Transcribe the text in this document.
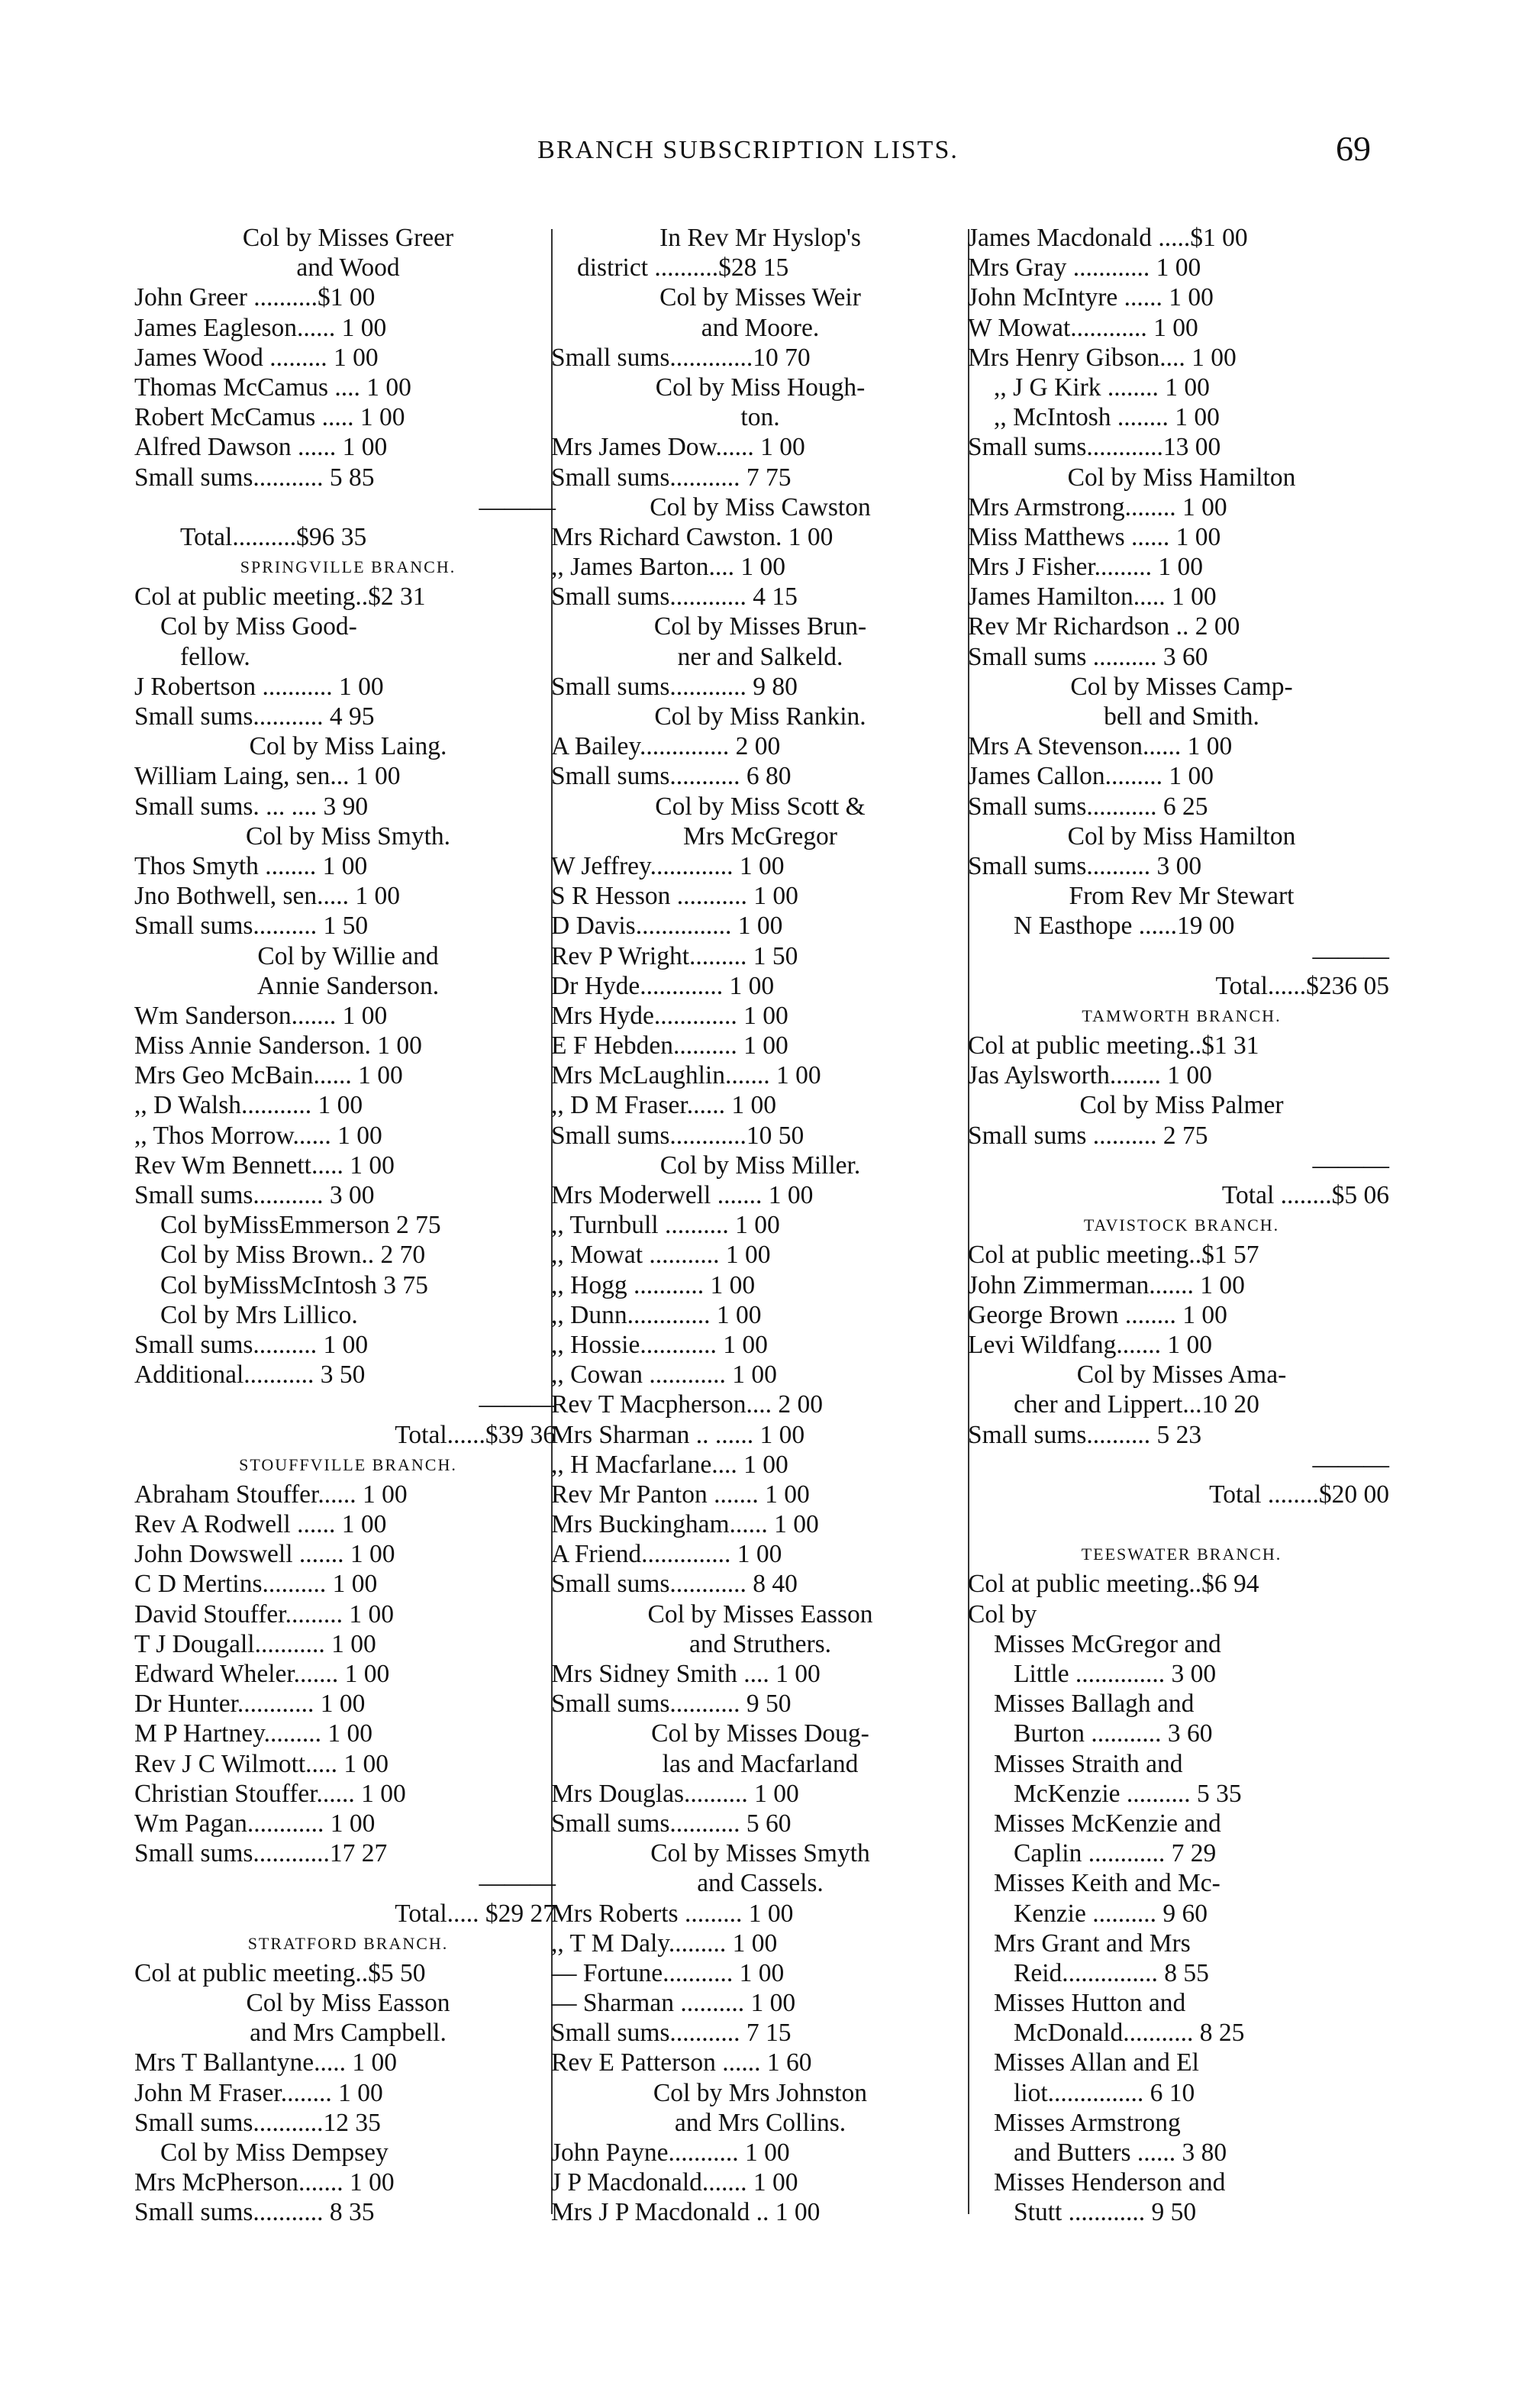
BRANCH SUBSCRIPTION LISTS.	69
Col by Misses Greer
and Wood
John Greer ..........$1 00
James Eagleson...... 1 00
James Wood ......... 1 00
Thomas McCamus .... 1 00
Robert McCamus ..... 1 00
Alfred Dawson ...... 1 00
Small sums........... 5 85
———
Total..........$96 35
SPRINGVILLE BRANCH.
Col at public meeting..$2 31
Col by Miss Good-
fellow.
J Robertson ........... 1 00
Small sums........... 4 95
Col by Miss Laing.
William Laing, sen... 1 00
Small sums. ... .... 3 90
Col by Miss Smyth.
Thos Smyth ........ 1 00
Jno Bothwell, sen..... 1 00
Small sums.......... 1 50
Col by Willie and
Annie Sanderson.
Wm Sanderson....... 1 00
Miss Annie Sanderson. 1 00
Mrs Geo McBain...... 1 00
,, D Walsh........... 1 00
,, Thos Morrow...... 1 00
Rev Wm Bennett..... 1 00
Small sums........... 3 00
Col byMissEmmerson 2 75
Col by Miss Brown.. 2 70
Col byMissMcIntosh 3 75
Col by Mrs Lillico.
Small sums.......... 1 00
Additional........... 3 50
———
Total......$39 36
STOUFFVILLE BRANCH.
Abraham Stouffer...... 1 00
Rev A Rodwell ...... 1 00
John Dowswell ....... 1 00
C D Mertins.......... 1 00
David Stouffer......... 1 00
T J Dougall........... 1 00
Edward Wheler....... 1 00
Dr Hunter............ 1 00
M P Hartney......... 1 00
Rev J C Wilmott..... 1 00
Christian Stouffer...... 1 00
Wm Pagan............ 1 00
Small sums............17 27
———
Total..... $29 27
STRATFORD BRANCH.
Col at public meeting..$5 50
Col by Miss Easson
and Mrs Campbell.
Mrs T Ballantyne..... 1 00
John M Fraser........ 1 00
Small sums...........12 35
Col by Miss Dempsey
Mrs McPherson....... 1 00
Small sums........... 8 35
In Rev Mr Hyslop's
district ..........$28 15
Col by Misses Weir
and Moore.
Small sums.............10 70
Col by Miss Hough-
ton.
Mrs James Dow...... 1 00
Small sums........... 7 75
Col by Miss Cawston
Mrs Richard Cawston. 1 00
,, James Barton.... 1 00
Small sums............ 4 15
Col by Misses Brun-
ner and Salkeld.
Small sums............ 9 80
Col by Miss Rankin.
A Bailey.............. 2 00
Small sums........... 6 80
Col by Miss Scott &
Mrs McGregor
W Jeffrey............. 1 00
S R Hesson ........... 1 00
D Davis............... 1 00
Rev P Wright......... 1 50
Dr Hyde............. 1 00
Mrs Hyde............. 1 00
E F Hebden.......... 1 00
Mrs McLaughlin....... 1 00
,, D M Fraser...... 1 00
Small sums............10 50
Col by Miss Miller.
Mrs Moderwell ....... 1 00
,, Turnbull .......... 1 00
,, Mowat ........... 1 00
,, Hogg ........... 1 00
,, Dunn............. 1 00
,, Hossie............ 1 00
,, Cowan ............ 1 00
Rev T Macpherson.... 2 00
Mrs Sharman .. ...... 1 00
,, H Macfarlane.... 1 00
Rev Mr Panton ....... 1 00
Mrs Buckingham...... 1 00
A Friend.............. 1 00
Small sums............ 8 40
Col by Misses Easson
and Struthers.
Mrs Sidney Smith .... 1 00
Small sums........... 9 50
Col by Misses Doug-
las and Macfarland
Mrs Douglas.......... 1 00
Small sums........... 5 60
Col by Misses Smyth
and Cassels.
Mrs Roberts ......... 1 00
,, T M Daly......... 1 00
— Fortune........... 1 00
— Sharman .......... 1 00
Small sums........... 7 15
Rev E Patterson ...... 1 60
Col by Mrs Johnston
and Mrs Collins.
John Payne........... 1 00
J P Macdonald....... 1 00
Mrs J P Macdonald .. 1 00
James Macdonald .....$1 00
Mrs Gray ............ 1 00
John McIntyre ...... 1 00
W Mowat............ 1 00
Mrs Henry Gibson.... 1 00
,, J G Kirk ........ 1 00
,, McIntosh ........ 1 00
Small sums............13 00
Col by Miss Hamilton
Mrs Armstrong........ 1 00
Miss Matthews ...... 1 00
Mrs J Fisher......... 1 00
James Hamilton..... 1 00
Rev Mr Richardson .. 2 00
Small sums .......... 3 60
Col by Misses Camp-
bell and Smith.
Mrs A Stevenson...... 1 00
James Callon......... 1 00
Small sums........... 6 25
Col by Miss Hamilton
Small sums.......... 3 00
From Rev Mr Stewart
N Easthope ......19 00
———
Total......$236 05
TAMWORTH BRANCH.
Col at public meeting..$1 31
Jas Aylsworth........ 1 00
Col by Miss Palmer
Small sums .......... 2 75
———
Total ........$5 06
TAVISTOCK BRANCH.
Col at public meeting..$1 57
John Zimmerman....... 1 00
George Brown ........ 1 00
Levi Wildfang....... 1 00
Col by Misses Ama-
cher and Lippert...10 20
Small sums.......... 5 23
———
Total ........$20 00
TEESWATER BRANCH.
Col at public meeting..$6 94
Col by
Misses McGregor and
Little .............. 3 00
Misses Ballagh and
Burton ........... 3 60
Misses Straith and
McKenzie .......... 5 35
Misses McKenzie and
Caplin ............ 7 29
Misses Keith and Mc-
Kenzie .......... 9 60
Mrs Grant and Mrs
Reid............... 8 55
Misses Hutton and
McDonald........... 8 25
Misses Allan and El
liot............... 6 10
Misses Armstrong
and Butters ...... 3 80
Misses Henderson and
Stutt ............ 9 50
